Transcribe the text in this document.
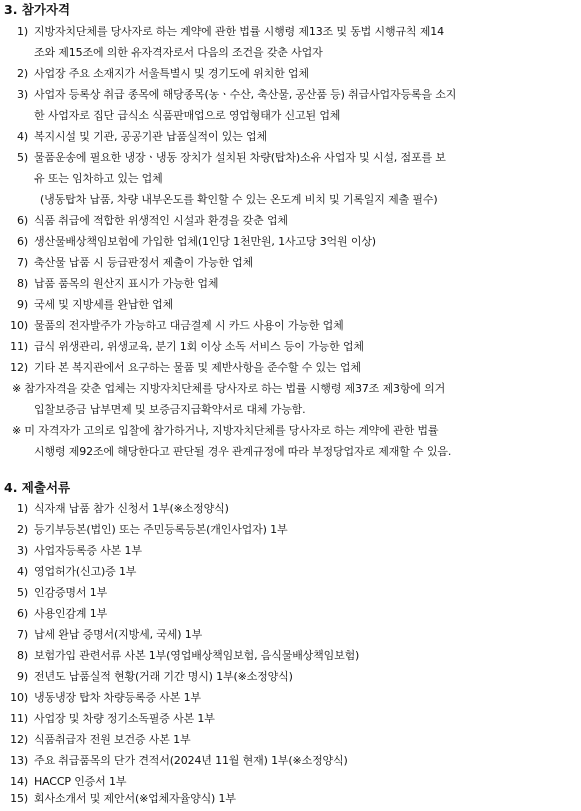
3. 참가자격
1) 지방자치단체를 당사자로 하는 계약에 관한 법률 시행령 제13조 및 동법 시행규칙 제14
조와 제15조에 의한 유자격자로서 다음의 조건을 갖춘 사업자
2) 사업장 주요 소재지가 서울특별시 및 경기도에 위치한 업체
3) 사업자 등록상 취급 종목에 해당종목(농ㆍ수산, 축산물, 공산품 등) 취급사업자등록을 소지
한 사업자로 집단 급식소 식품판매업으로 영업형태가 신고된 업체
4) 복지시설 및 기관, 공공기관 납품실적이 있는 업체
5) 물품운송에 필요한 냉장ㆍ냉동 장치가 설치된 차량(탑차)소유 사업자 및 시설, 점포를 보
유 또는 임차하고 있는 업체
(냉동탑차 납품, 차량 내부온도를 확인할 수 있는 온도계 비치 및 기록일지 제출 필수)
6) 식품 취급에 적합한 위생적인 시설과 환경을 갖춘 업체
6) 생산물배상책임보험에 가입한 업체(1인당 1천만원, 1사고당 3억원 이상)
7) 축산물 납품 시 등급판정서 제출이 가능한 업체
8) 납품 품목의 원산지 표시가 가능한 업체
9) 국세 및 지방세를 완납한 업체
10) 물품의 전자발주가 가능하고 대금결제 시 카드 사용이 가능한 업체
11) 급식 위생관리, 위생교육, 분기 1회 이상 소독 서비스 등이 가능한 업체
12) 기타 본 복지관에서 요구하는 물품 및 제반사항을 준수할 수 있는 업체
※ 참가자격을 갖춘 업체는 지방자치단체를 당사자로 하는 법률 시행령 제37조 제3항에 의거
입찰보증금 납부면제 및 보증금지급확약서로 대체 가능함.
※ 미 자격자가 고의로 입찰에 참가하거나, 지방자치단체를 당사자로 하는 계약에 관한 법률
시행령 제92조에 해당한다고 판단될 경우 관계규정에 따라 부정당업자로 제재할 수 있음.
4. 제출서류
1) 식자재 납품 참가 신청서 1부(※소정양식)
2) 등기부등본(법인) 또는 주민등록등본(개인사업자) 1부
3) 사업자등록증 사본 1부
4) 영업허가(신고)증 1부
5) 인감증명서 1부
6) 사용인감계 1부
7) 납세 완납 증명서(지방세, 국세) 1부
8) 보험가입 관련서류 사본 1부(영업배상책임보험, 음식물배상책임보험)
9) 전년도 납품실적 현황(거래 기간 명시) 1부(※소정양식)
10) 냉동냉장 탑차 차량등록증 사본 1부
11) 사업장 및 차량 정기소독필증 사본 1부
12) 식품취급자 전원 보건증 사본 1부
13) 주요 취급품목의 단가 견적서(2024년 11월 현재) 1부(※소정양식)
14) HACCP 인증서 1부
15) 회사소개서 및 제안서(※업체자율양식) 1부
